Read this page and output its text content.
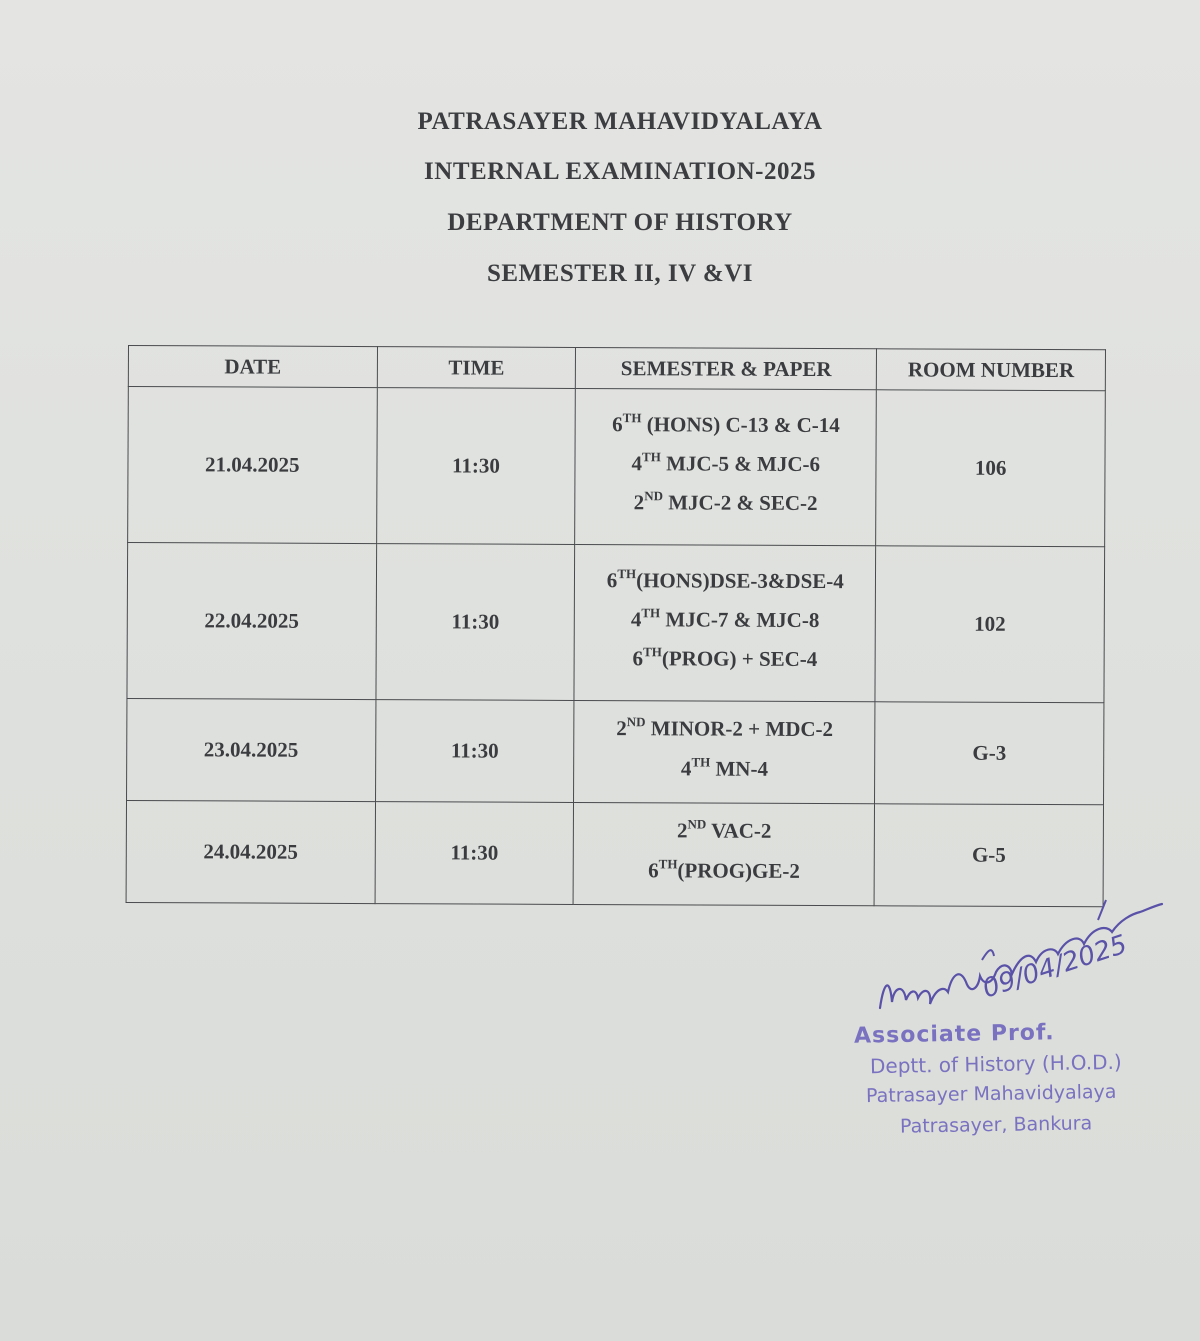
PATRASAYER MAHAVIDYALAYA
INTERNAL EXAMINATION-2025
DEPARTMENT OF HISTORY
SEMESTER II, IV &VI
DATE	TIME	SEMESTER & PAPER	ROOM NUMBER
21.04.2025	11:30	6TH (HONS) C-13 & C-14
4TH MJC-5 & MJC-6
2ND MJC-2 & SEC-2	106
22.04.2025	11:30	6TH(HONS)DSE-3&DSE-4
4TH MJC-7 & MJC-8
6TH(PROG) + SEC-4	102
23.04.2025	11:30	2ND MINOR-2 + MDC-2
4TH MN-4	G-3
24.04.2025	11:30	2ND VAC-2
6TH(PROG)GE-2	G-5
09/04/2025
Associate Prof.
Deptt. of History (H.O.D.)
Patrasayer Mahavidyalaya
Patrasayer, Bankura
